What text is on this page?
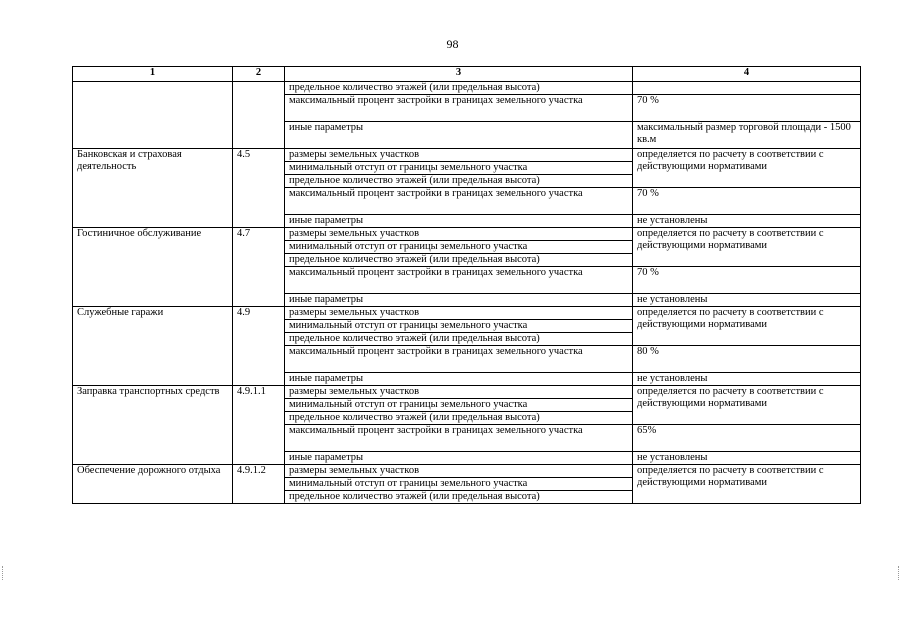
98
1	2	3	4
		предельное количество этажей (или предельная высота)	
		максимальный процент застройки в границах земельного участка	70 %
		иные параметры	максимальный размер торговой площади - 1500 кв.м
Банковская и страховая деятельность	4.5	размеры земельных участков	определяется по расчету в соответствии с действующими нормативами
		минимальный отступ от границы земельного участка	
		предельное количество этажей (или предельная высота)	
		максимальный процент застройки в границах земельного участка	70 %
		иные параметры	не установлены
Гостиничное обслуживание	4.7	размеры земельных участков	определяется по расчету в соответствии с действующими нормативами
		минимальный отступ от границы земельного участка	
		предельное количество этажей (или предельная высота)	
		максимальный процент застройки в границах земельного участка	70 %
		иные параметры	не установлены
Служебные гаражи	4.9	размеры земельных участков	определяется по расчету в соответствии с действующими нормативами
		минимальный отступ от границы земельного участка	
		предельное количество этажей (или предельная высота)	
		максимальный процент застройки в границах земельного участка	80 %
		иные параметры	не установлены
Заправка транспортных средств	4.9.1.1	размеры земельных участков	определяется по расчету в соответствии с действующими нормативами
		минимальный отступ от границы земельного участка	
		предельное количество этажей (или предельная высота)	
		максимальный процент застройки в границах земельного участка	65%
		иные параметры	не установлены
Обеспечение дорожного отдыха	4.9.1.2	размеры земельных участков	определяется по расчету в соответствии с действующими нормативами
		минимальный отступ от границы земельного участка	
		предельное количество этажей (или предельная высота)	
